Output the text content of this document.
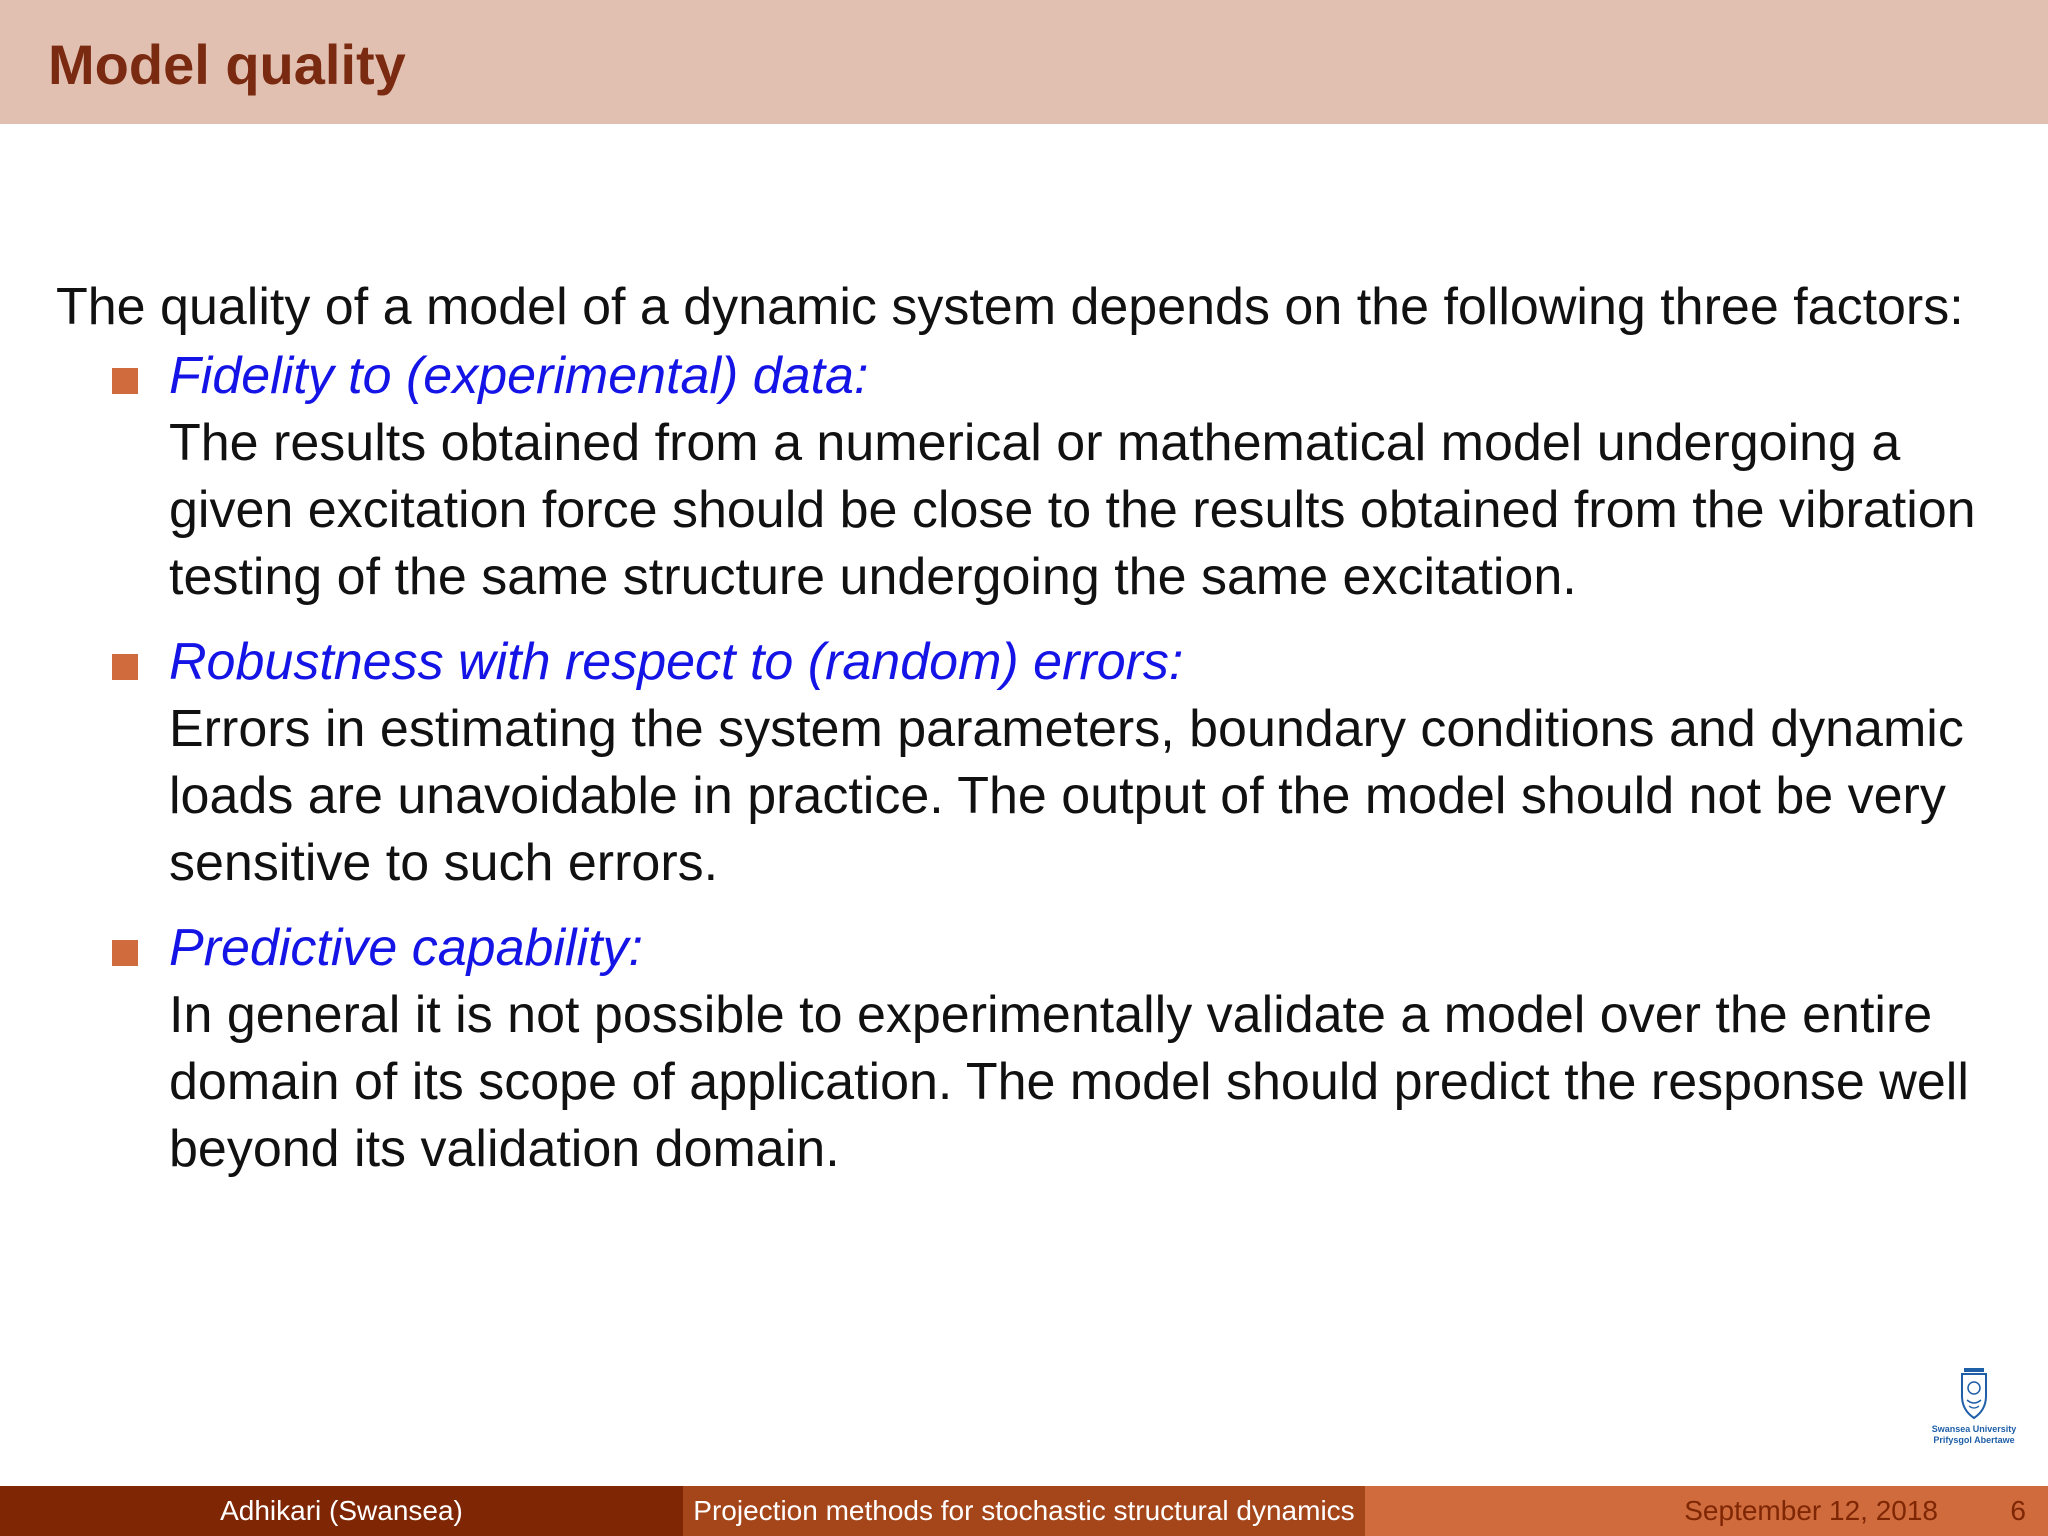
Model quality

The quality of a model of a dynamic system depends on the following three factors:

Fidelity to (experimental) data:
The results obtained from a numerical or mathematical model undergoing a given excitation force should be close to the results obtained from the vibration testing of the same structure undergoing the same excitation.
Robustness with respect to (random) errors:
Errors in estimating the system parameters, boundary conditions and dynamic loads are unavoidable in practice. The output of the model should not be very sensitive to such errors.
Predictive capability:
In general it is not possible to experimentally validate a model over the entire domain of its scope of application. The model should predict the response well beyond its validation domain.
Swansea University
Prifysgol Abertawe
Adhikari (Swansea)	Projection methods for stochastic structural dynamics	September 12, 2018	6
